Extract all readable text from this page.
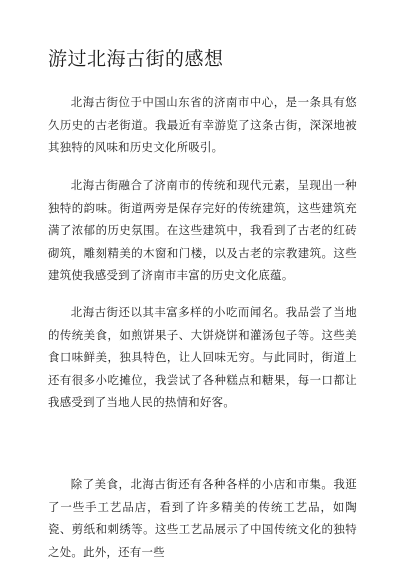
游过北海古街的感想

北海古街位于中国山东省的济南市中心，是一条具有悠久历史的古老街道。我最近有幸游览了这条古街，深深地被其独特的风味和历史文化所吸引。

北海古街融合了济南市的传统和现代元素，呈现出一种独特的韵味。街道两旁是保存完好的传统建筑，这些建筑充满了浓郁的历史氛围。在这些建筑中，我看到了古老的红砖砌筑，雕刻精美的木窗和门楼，以及古老的宗教建筑。这些建筑使我感受到了济南市丰富的历史文化底蕴。

北海古街还以其丰富多样的小吃而闻名。我品尝了当地的传统美食，如煎饼果子、大饼烧饼和灌汤包子等。这些美食口味鲜美，独具特色，让人回味无穷。与此同时，街道上还有很多小吃摊位，我尝试了各种糕点和糖果，每一口都让我感受到了当地人民的热情和好客。

除了美食，北海古街还有各种各样的小店和市集。我逛了一些手工艺品店，看到了许多精美的传统工艺品，如陶瓷、剪纸和刺绣等。这些工艺品展示了中国传统文化的独特之处。此外，还有一些
